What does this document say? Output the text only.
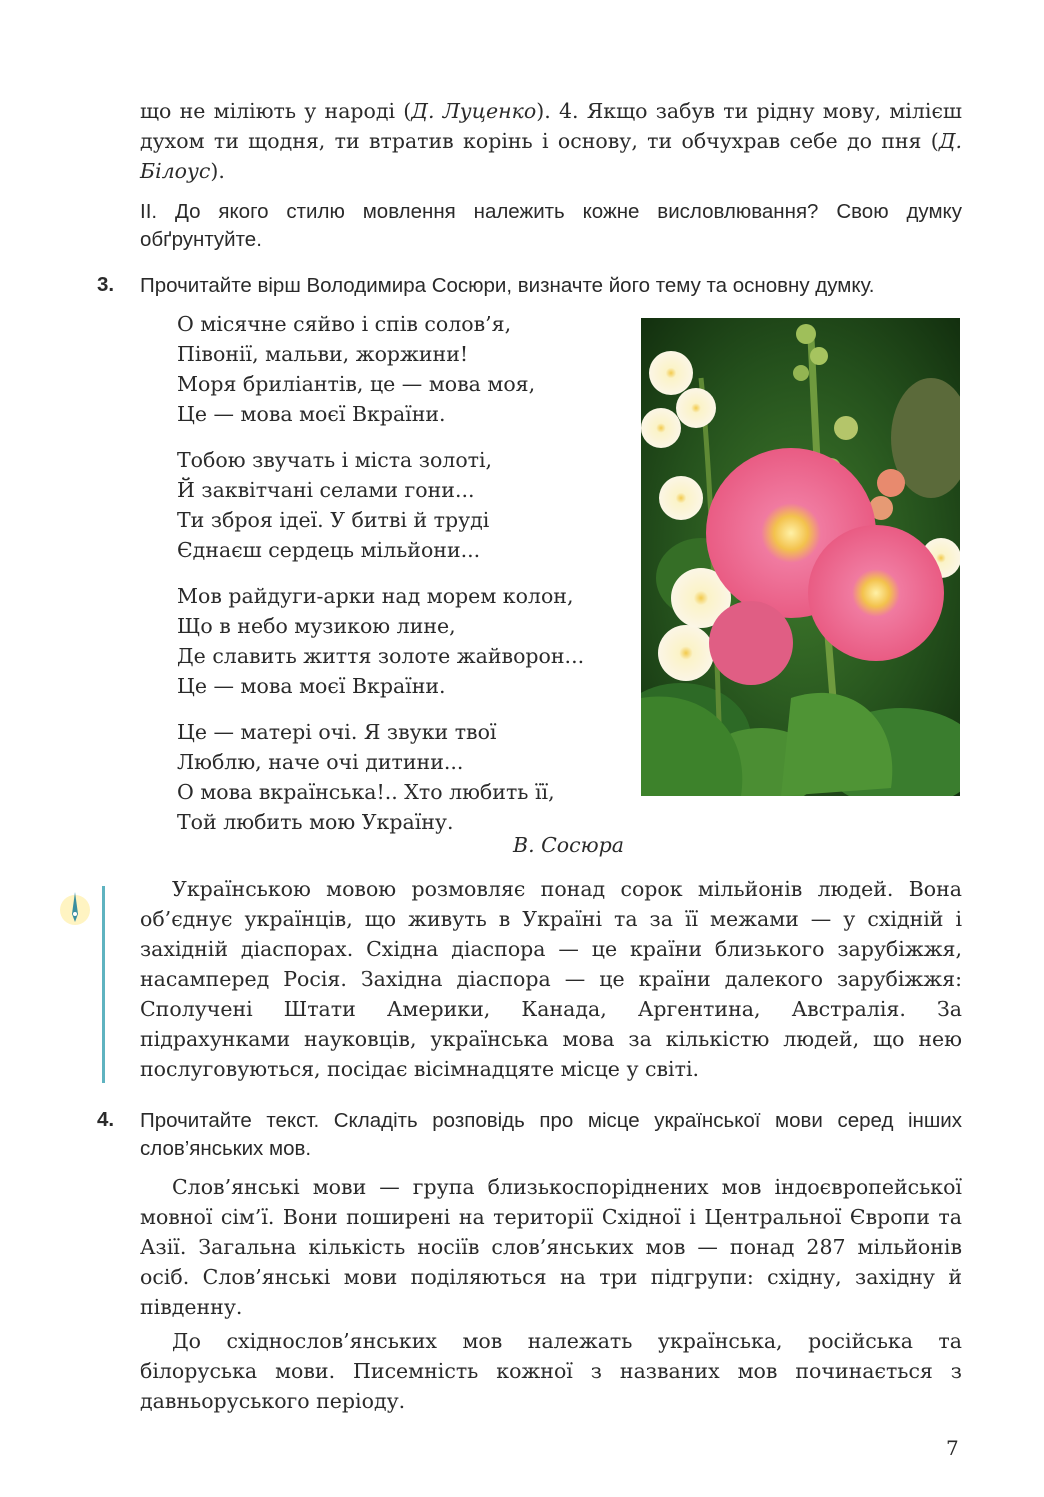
що не міліють у народі (Д. Луценко). 4. Якщо забув ти рідну мову, мілієш духом ти щодня, ти втратив корінь і основу, ти обчухрав себе до пня (Д. Білоус).
ІІ. До якого стилю мовлення належить кожне висловлювання? Свою думку обґрунтуйте.
3. Прочитайте вірш Володимира Сосюри, визначте його тему та основну думку.
О місячне сяйво і спів солов’я,
Півонії, мальви, жоржини!
Моря брилiантів, це — мова моя,
Це — мова моєї Вкраїни.
Тобою звучать і міста золоті,
Й заквітчані селами гони...
Ти зброя ідеї. У битві й труді
Єднаєш сердець мільйони...
Мов райдуги-арки над морем колон,
Що в небо музикою лине,
Де славить життя золоте жайворон...
Це — мова моєї Вкраїни.
Це — матері очі. Я звуки твої
Люблю, наче очі дитини...
О мова вкраїнська!.. Хто любить її,
Той любить мою Україну.
В. Сосюра
Українською мовою розмовляє понад сорок мільйонів людей. Вона об’єднує українців, що живуть в Україні та за її межами — у східній і західній діаспорах. Східна діаспора — це країни близького зарубіжжя, насамперед Росія. Західна діаспора — це країни далекого зарубіжжя: Сполучені Штати Америки, Канада, Аргентина, Австралія. За підрахунками науковців, українська мова за кількістю людей, що нею послуговуються, посідає вісімнадцяте місце у світі.
4. Прочитайте текст. Складіть розповідь про місце української мови серед інших слов’янських мов.

Слов’янські мови — група близькоспоріднених мов індоєвропейської мовної сім’ї. Вони поширені на території Східної і Центральної Європи та Азії. Загальна кількість носіїв слов’янських мов — понад 287 мільйонів осіб. Слов’янські мови поділяються на три підгрупи: східну, західну й південну.

До східнослов’янських мов належать українська, російська та білоруська мови. Писемність кожної з названих мов починається з давньоруського періоду.

7
